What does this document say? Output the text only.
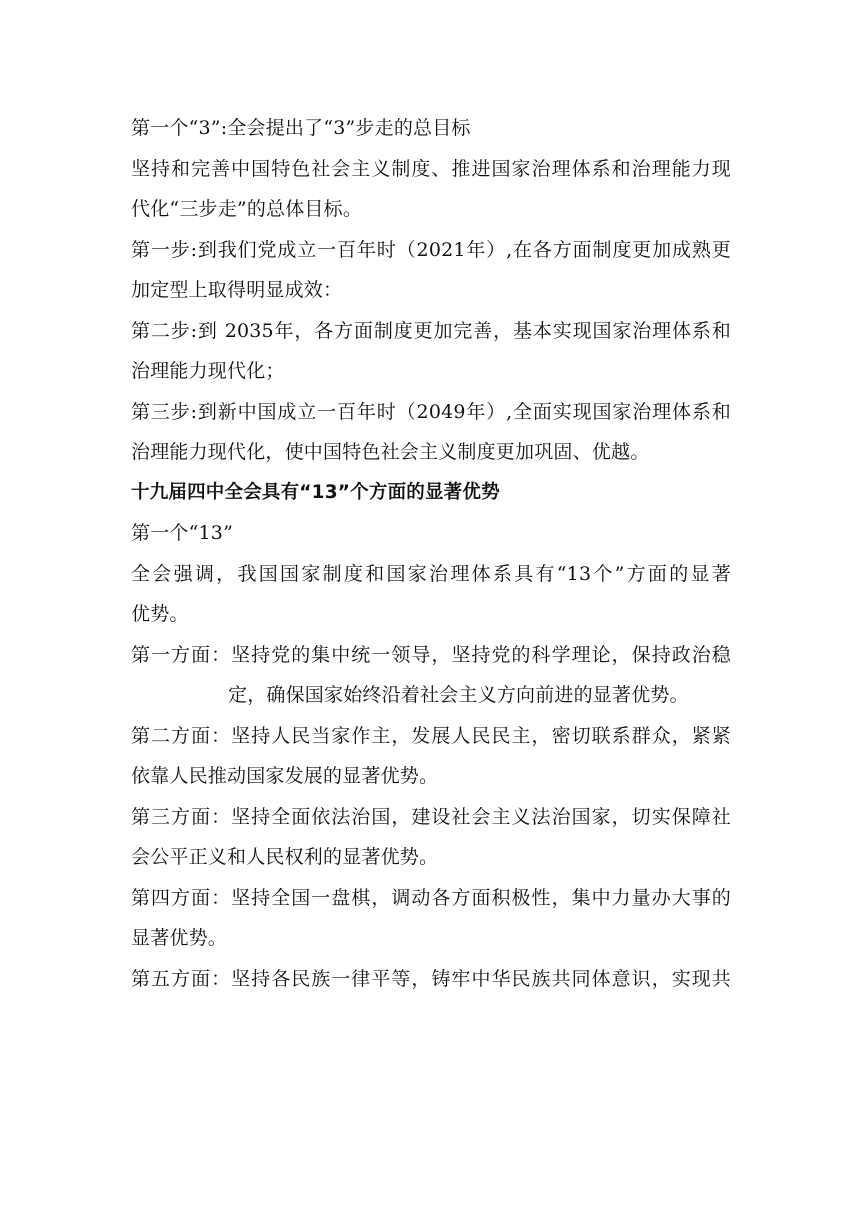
第一个“3”:全会提出了“3”步走的总目标
坚持和完善中国特色社会主义制度、推进国家治理体系和治理能力现
代化“三步走”的总体目标。
第一步:到我们党成立一百年时（2021年）,在各方面制度更加成熟更
加定型上取得明显成效：
第二步:到 2035年，各方面制度更加完善，基本实现国家治理体系和
治理能力现代化；
第三步:到新中国成立一百年时（2049年）,全面实现国家治理体系和
治理能力现代化，使中国特色社会主义制度更加巩固、优越。
十九届四中全会具有“13”个方面的显著优势
第一个“13”
全会强调，我国国家制度和国家治理体系具有“13个”方面的显著
优势。
第一方面：坚持党的集中统一领导，坚持党的科学理论，保持政治稳
定，确保国家始终沿着社会主义方向前进的显著优势。
第二方面：坚持人民当家作主，发展人民民主，密切联系群众，紧紧
依靠人民推动国家发展的显著优势。
第三方面：坚持全面依法治国，建设社会主义法治国家，切实保障社
会公平正义和人民权利的显著优势。
第四方面：坚持全国一盘棋，调动各方面积极性，集中力量办大事的
显著优势。
第五方面：坚持各民族一律平等，铸牢中华民族共同体意识，实现共
